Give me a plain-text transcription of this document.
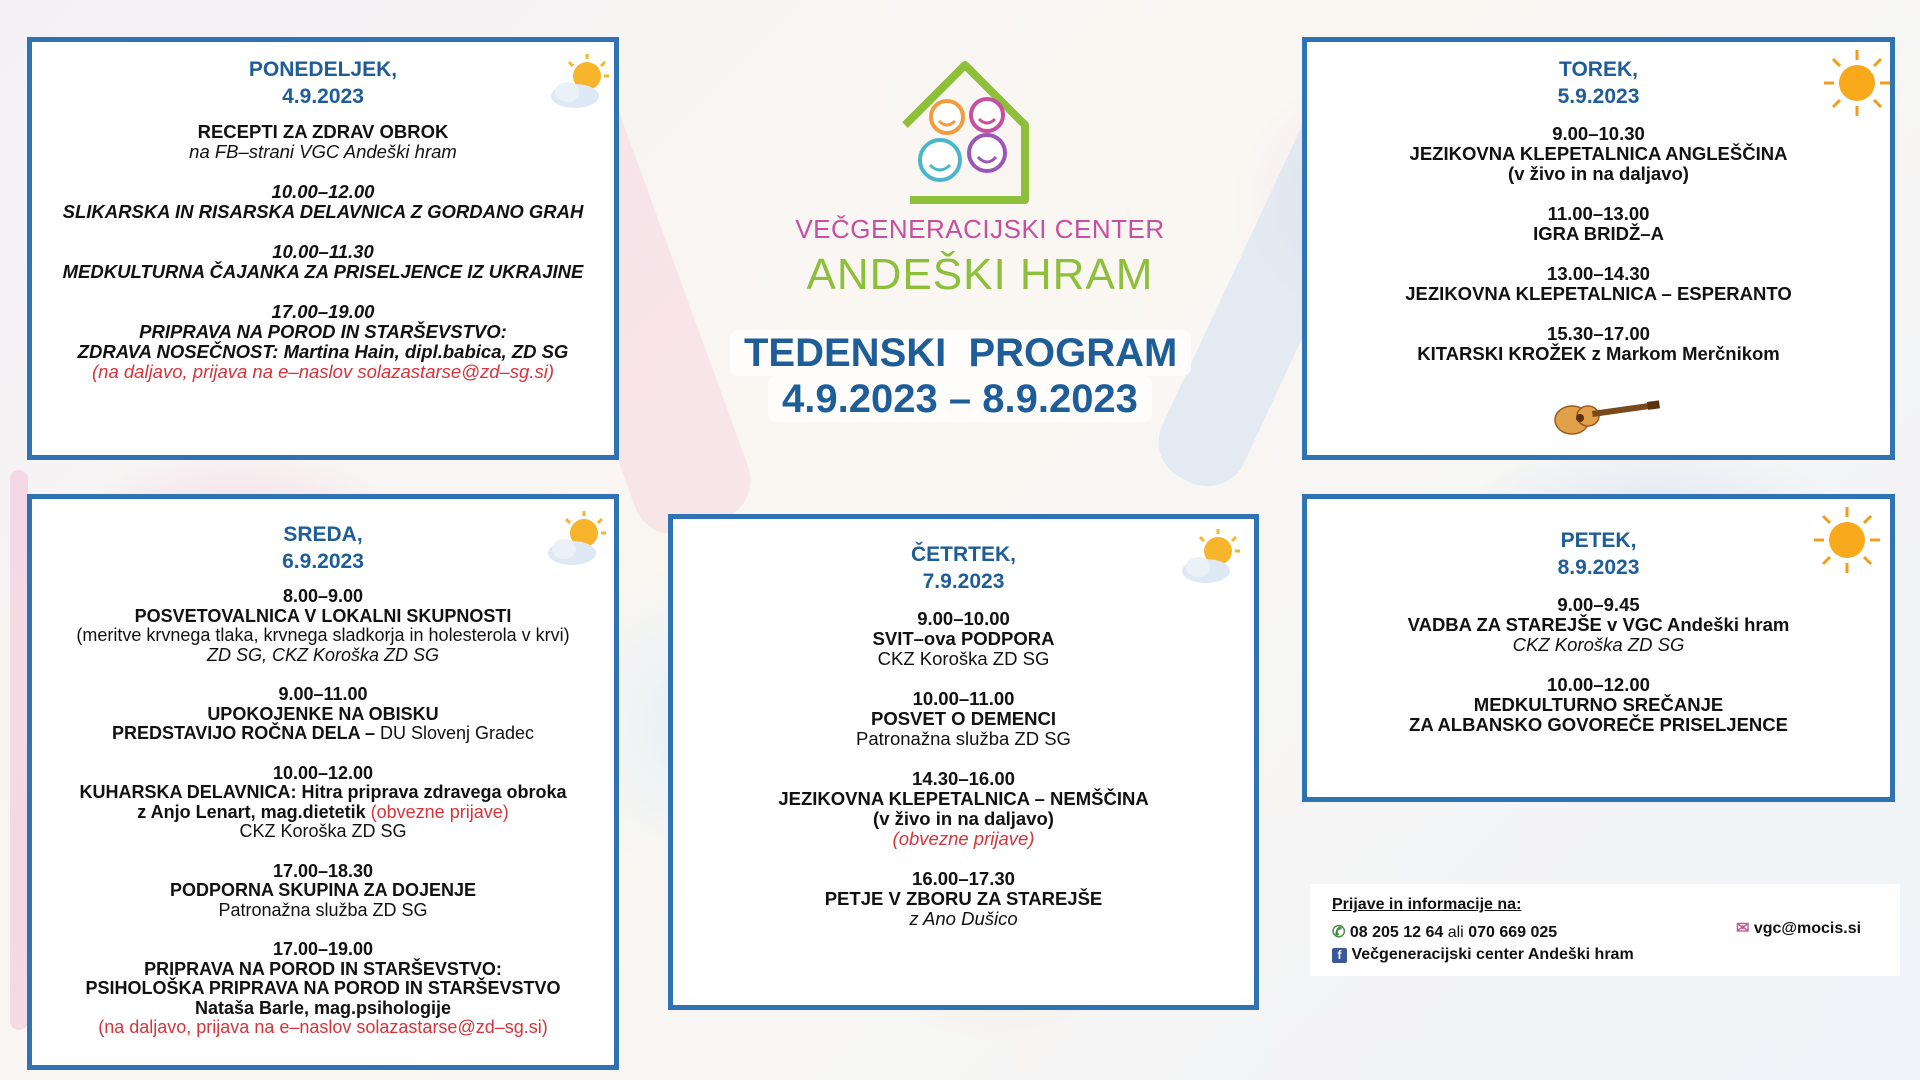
VEČGENERACIJSKI CENTER
ANDEŠKI HRAM
TEDENSKI  PROGRAM
4.9.2023 – 8.9.2023
PONEDELJEK,
4.9.2023
RECEPTI ZA ZDRAV OBROK
na FB–strani VGC Andeški hram
10.00–12.00
SLIKARSKA IN RISARSKA DELAVNICA Z GORDANO GRAH
10.00–11.30
MEDKULTURNA ČAJANKA ZA PRISELJENCE IZ UKRAJINE
17.00–19.00
PRIPRAVA NA POROD IN STARŠEVSTVO:
ZDRAVA NOSEČNOST: Martina Hain, dipl.babica, ZD SG
(na daljavo, prijava na e–naslov solazastarse@zd–sg.si)
TOREK,
5.9.2023
9.00–10.30
JEZIKOVNA KLEPETALNICA ANGLEŠČINA
(v živo in na daljavo)
11.00–13.00
IGRA BRIDŽ–A
13.00–14.30
JEZIKOVNA KLEPETALNICA – ESPERANTO
15.30–17.00
KITARSKI KROŽEK z Markom Merčnikom
SREDA,
6.9.2023
8.00–9.00
POSVETOVALNICA V LOKALNI SKUPNOSTI
(meritve krvnega tlaka, krvnega sladkorja in holesterola v krvi)
ZD SG, CKZ Koroška ZD SG
9.00–11.00
UPOKOJENKE NA OBISKU
PREDSTAVIJO ROČNA DELA – DU Slovenj Gradec
10.00–12.00
KUHARSKA DELAVNICA: Hitra priprava zdravega obroka
z Anjo Lenart, mag.dietetik (obvezne prijave)
CKZ Koroška ZD SG
17.00–18.30
PODPORNA SKUPINA ZA DOJENJE
Patronažna služba ZD SG
17.00–19.00
PRIPRAVA NA POROD IN STARŠEVSTVO:
PSIHOLOŠKA PRIPRAVA NA POROD IN STARŠEVSTVO
Nataša Barle, mag.psihologije
(na daljavo, prijava na e–naslov solazastarse@zd–sg.si)
ČETRTEK,
7.9.2023
9.00–10.00
SVIT–ova PODPORA
CKZ Koroška ZD SG
10.00–11.00
POSVET O DEMENCI
Patronažna služba ZD SG
14.30–16.00
JEZIKOVNA KLEPETALNICA – NEMŠČINA
(v živo in na daljavo)
(obvezne prijave)
16.00–17.30
PETJE V ZBORU ZA STAREJŠE
z Ano Dušico
PETEK,
8.9.2023
9.00–9.45
VADBA ZA STAREJŠE v VGC Andeški hram
CKZ Koroška ZD SG
10.00–12.00
MEDKULTURNO SREČANJE
ZA ALBANSKO GOVOREČE PRISELJENCE
Prijave in informacije na:
✆ 08 205 12 64 ali 070 669 025
f Večgeneracijski center Andeški hram
✉ vgc@mocis.si
